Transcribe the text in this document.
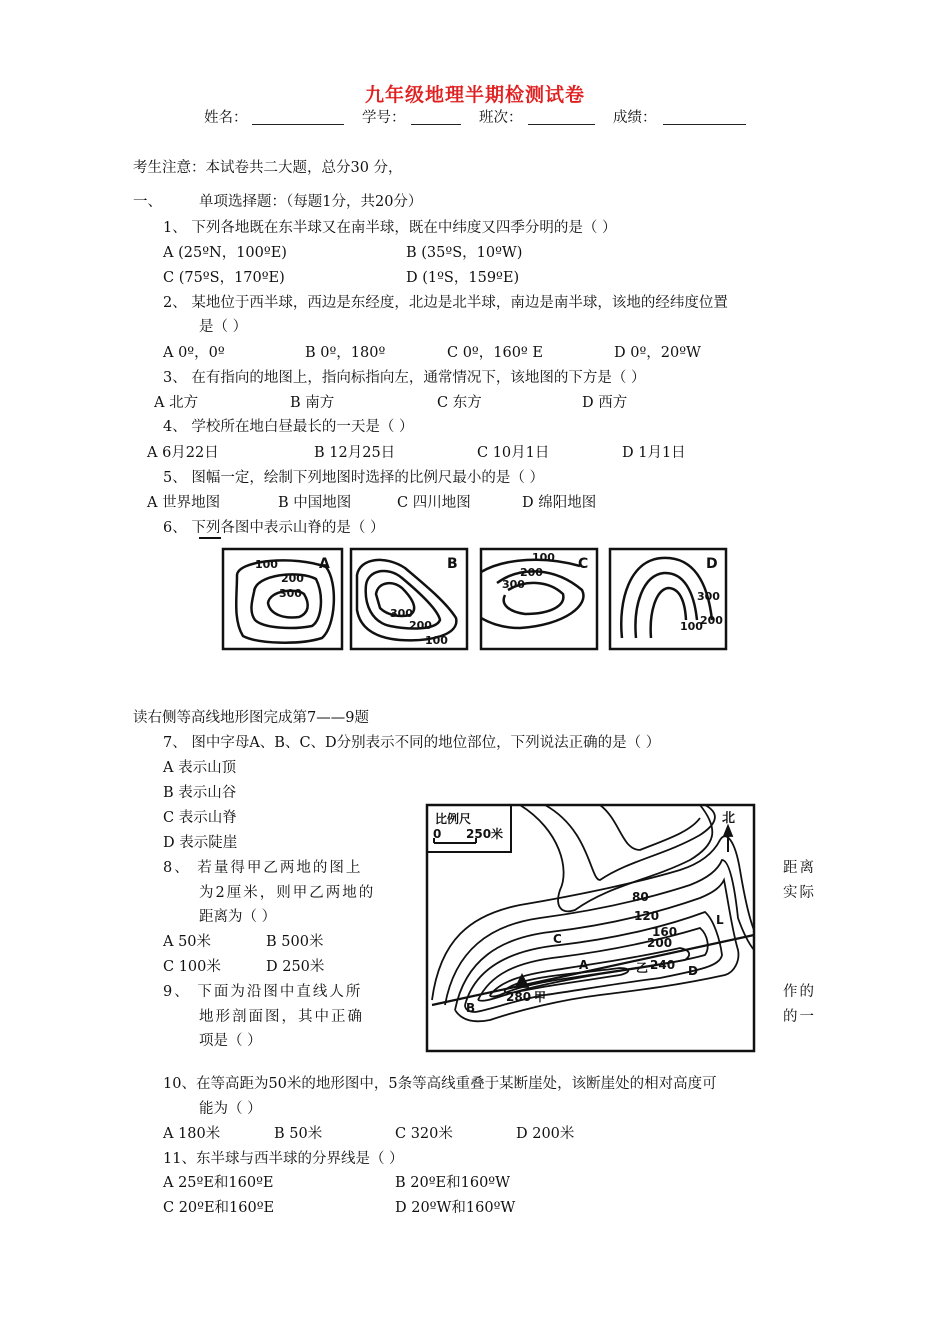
九年级地理半期检测试卷
姓名：	学号：	班次：	成绩：
考生注意：本试卷共二大题，总分30 分，
一、	单项选择题：（每题1分，共20分）
1、 下列各地既在东半球又在南半球，既在中纬度又四季分明的是（ ）
A (25ºN，100ºE)	B (35ºS，10ºW)
C (75ºS，170ºE)	D (1ºS，159ºE)
2、 某地位于西半球，西边是东经度，北边是北半球，南边是南半球，该地的经纬度位置
是（ ）
A 0º，0º	B 0º，180º	C 0º，160º E	D 0º，20ºW
3、 在有指向的地图上，指向标指向左，通常情况下，该地图的下方是（ ）
A 北方	B 南方	C 东方	D 西方
4、 学校所在地白昼最长的一天是（ ）
A 6月22日	B 12月25日	C 10月1日	D 1月1日
5、 图幅一定，绘制下列地图时选择的比例尺最小的是（ ）
A 世界地图	B 中国地图	C 四川地图	D 绵阳地图
6、 下列各图中表示山脊的是（ ）
A
100
200
300
B
300
200
100
C
100
200
300
D
300
100
200
读右侧等高线地形图完成第7——9题
7、 图中字母A、B、C、D分别表示不同的地位部位，下列说法正确的是（ ）
A 表示山顶
B 表示山谷
C 表示山脊
D 表示陡崖
8、 若量得甲乙两地的图上	距离
为2厘米，则甲乙两地的	实际
距离为（ ）
A 50米	B 500米
C 100米	D 250米
9、 下面为沿图中直线人所	作的
地形剖面图，其中正确	的一
项是（ ）
比例尺
0 250米
北
80
120
160
200
240
280 甲
乙
A
B
C
D
L
10、在等高距为50米的地形图中，5条等高线重叠于某断崖处，该断崖处的相对高度可
能为（ ）
A 180米	B 50米	C 320米	D 200米
11、东半球与西半球的分界线是（ ）
A 25ºE和160ºE	B 20ºE和160ºW
C 20ºE和160ºE	D 20ºW和160ºW
